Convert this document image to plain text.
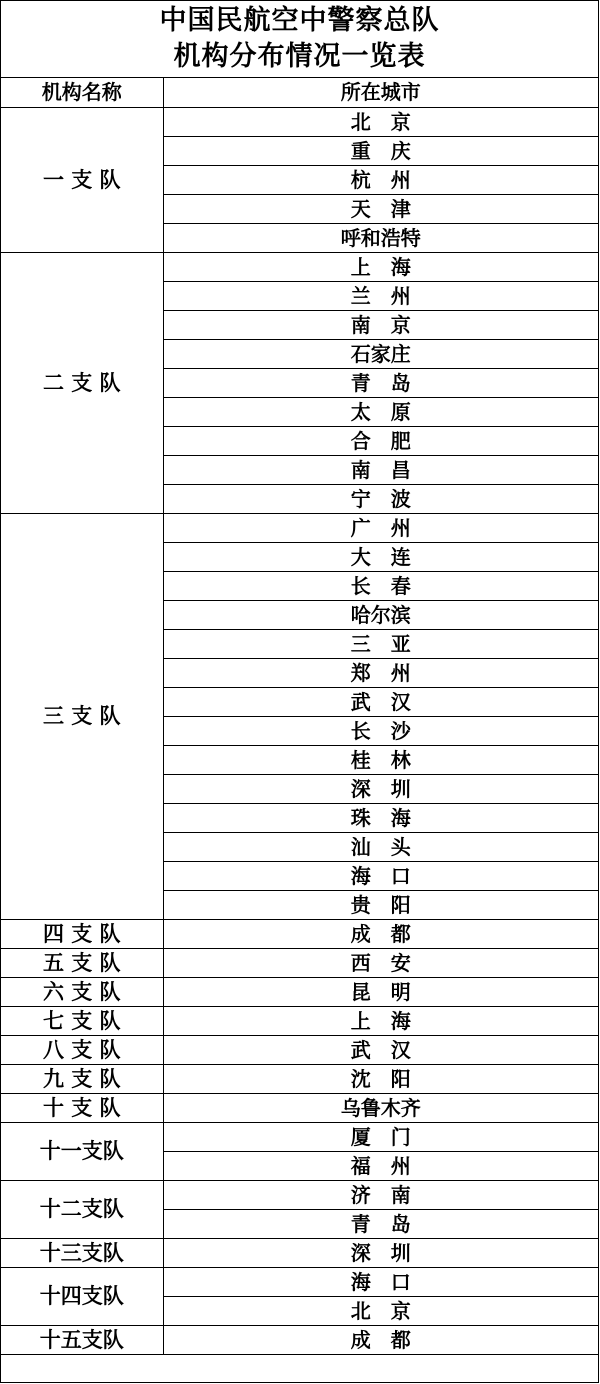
中国民航空中警察总队
机构分布情况一览表
机构名称	所在城市
一 支 队	北　京
	重　庆
	杭　州
	天　津
	呼和浩特
二 支 队	上　海
	兰　州
	南　京
	石家庄
	青　岛
	太　原
	合　肥
	南　昌
	宁　波
三 支 队	广　州
	大　连
	长　春
	哈尔滨
	三　亚
	郑　州
	武　汉
	长　沙
	桂　林
	深　圳
	珠　海
	汕　头
	海　口
	贵　阳
四 支 队	成　都
五 支 队	西　安
六 支 队	昆　明
七 支 队	上　海
八 支 队	武　汉
九 支 队	沈　阳
十 支 队	乌鲁木齐
十一支队	厦　门
	福　州
十二支队	济　南
	青　岛
十三支队	深　圳
十四支队	海　口
	北　京
十五支队	成　都
